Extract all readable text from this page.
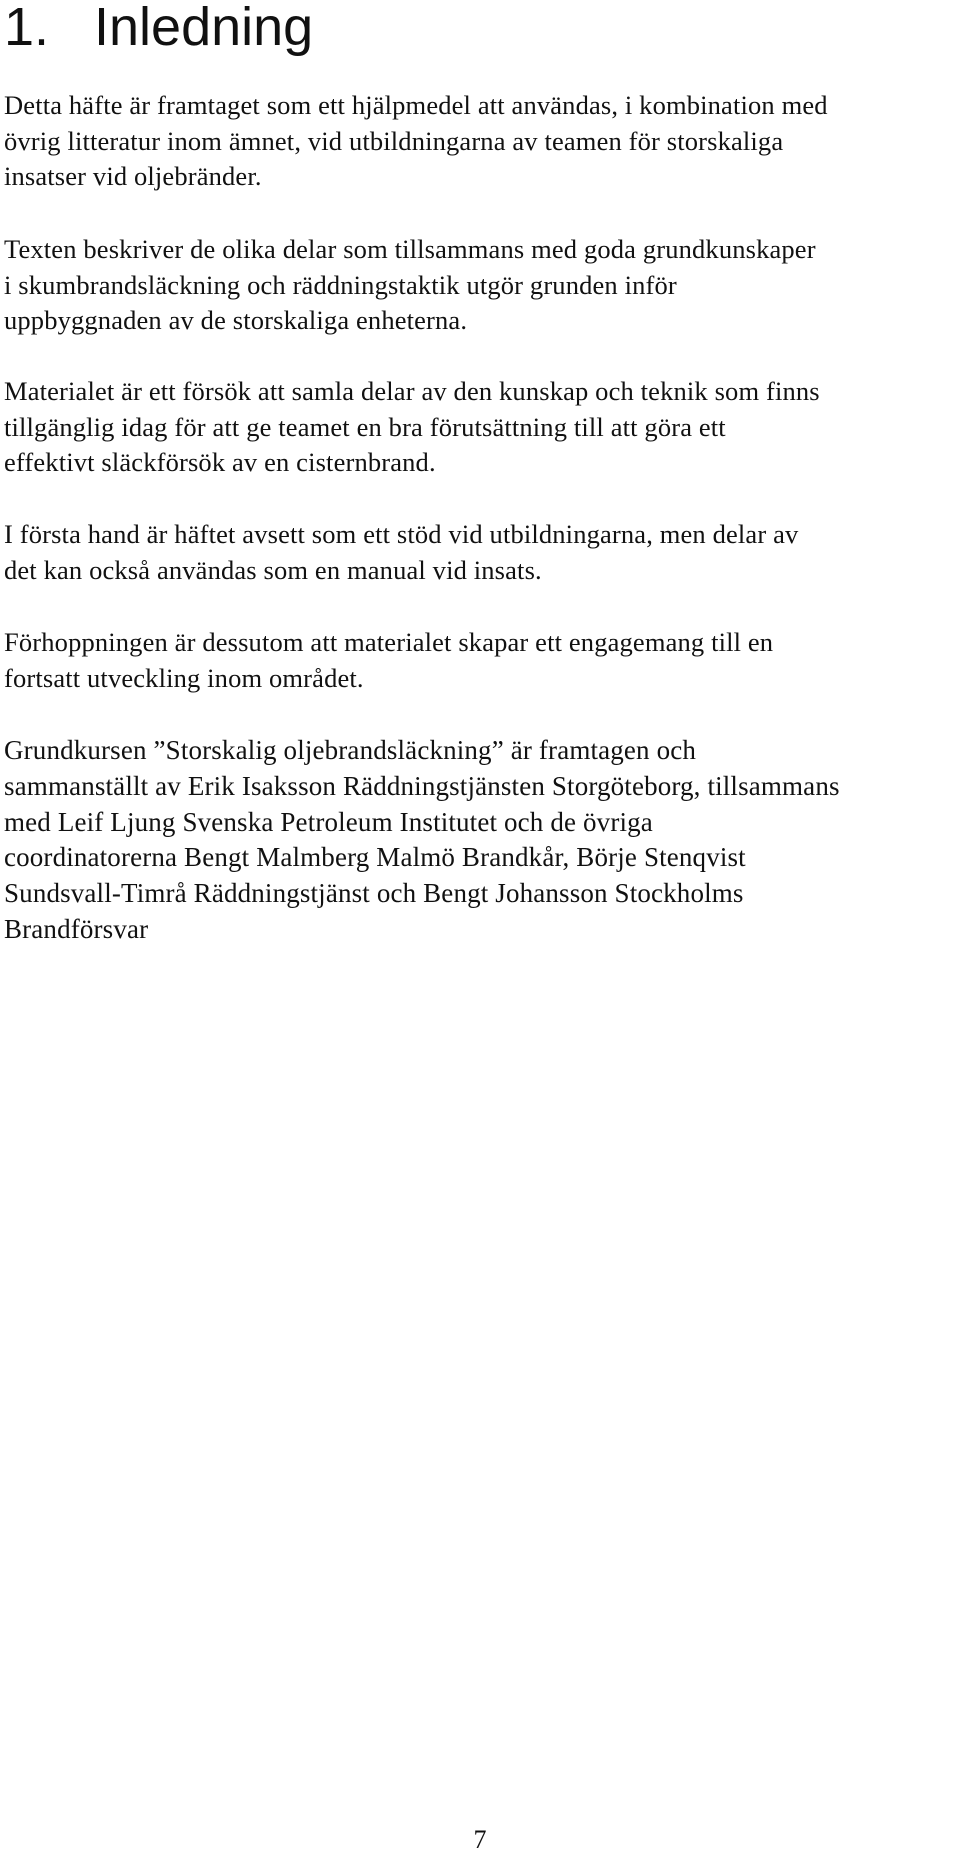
1. Inledning
Detta häfte är framtaget som ett hjälpmedel att användas, i kombination med
övrig litteratur inom ämnet, vid utbildningarna av teamen för storskaliga
insatser vid oljebränder.
Texten beskriver de olika delar som tillsammans med goda grundkunskaper
i skumbrandsläckning och räddningstaktik utgör grunden inför
uppbyggnaden av de storskaliga enheterna.
Materialet är ett försök att samla delar av den kunskap och teknik som finns
tillgänglig idag för att ge teamet en bra förutsättning till att göra ett
effektivt släckförsök av en cisternbrand.
I första hand är häftet avsett som ett stöd vid utbildningarna, men delar av
det kan också användas som en manual vid insats.
Förhoppningen är dessutom att materialet skapar ett engagemang till en
fortsatt utveckling inom området.
Grundkursen ”Storskalig oljebrandsläckning” är framtagen och
sammanställt av Erik Isaksson Räddningstjänsten Storgöteborg, tillsammans
med Leif Ljung Svenska Petroleum Institutet och de övriga
coordinatorerna Bengt Malmberg Malmö Brandkår, Börje Stenqvist
Sundsvall-Timrå Räddningstjänst och Bengt Johansson Stockholms
Brandförsvar

7
